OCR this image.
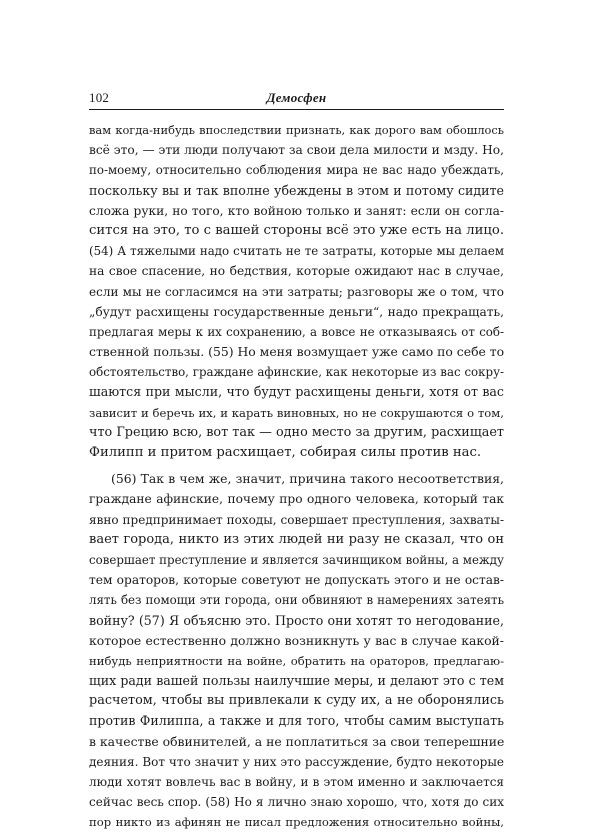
102	Демосфен
вам когда-нибудь впоследствии признать, как дорого вам обошлось
всё это, — эти люди получают за свои дела милости и мзду. Но,
по-моему, относительно соблюдения мира не вас надо убеждать,
поскольку вы и так вполне убеждены в этом и потому сидите
сложа руки, но того, кто войною только и занят: если он согла-
сится на это, то с вашей стороны всё это уже есть на лицо.
(54) А тяжелыми надо считать не те затраты, которые мы делаем
на свое спасение, но бедствия, которые ожидают нас в случае,
если мы не согласимся на эти затраты; разговоры же о том, что
„будут расхищены государственные деньги“, надо прекращать,
предлагая меры к их сохранению, а вовсе не отказываясь от соб-
ственной пользы. (55) Но меня возмущает уже само по себе то
обстоятельство, граждане афинские, как некоторые из вас сокру-
шаются при мысли, что будут расхищены деньги, хотя от вас
зависит и беречь их, и карать виновных, но не сокрушаются о том,
что Грецию всю, вот так — одно место за другим, расхищает
Филипп и притом расхищает, собирая силы против нас.
(56) Так в чем же, значит, причина такого несоответствия,
граждане афинские, почему про одного человека, который так
явно предпринимает походы, совершает преступления, захваты-
вает города, никто из этих людей ни разу не сказал, что он
совершает преступление и является зачинщиком войны, а между
тем ораторов, которые советуют не допускать этого и не остав-
лять без помощи эти города, они обвиняют в намерениях затеять
войну? (57) Я объясню это. Просто они хотят то негодование,
которое естественно должно возникнуть у вас в случае какой-
нибудь неприятности на войне, обратить на ораторов, предлагаю-
щих ради вашей пользы наилучшие меры, и делают это с тем
расчетом, чтобы вы привлекали к суду их, а не оборонялись
против Филиппа, а также и для того, чтобы самим выступать
в качестве обвинителей, а не поплатиться за свои теперешние
деяния. Вот что значит у них это рассуждение, будто некоторые
люди хотят вовлечь вас в войну, и в этом именно и заключается
сейчас весь спор. (58) Но я лично знаю хорошо, что, хотя до сих
пор никто из афинян не писал предложения относительно войны,
